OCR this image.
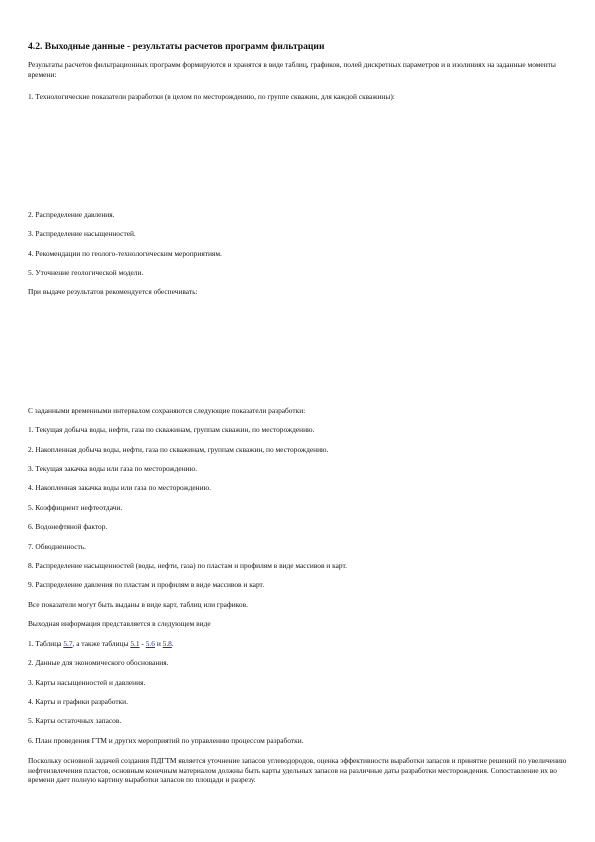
4.2. Выходные данные - результаты расчетов программ фильтрации
Результаты расчетов фильтрационных программ формируются и хранятся в виде таблиц, графиков, полей дискретных параметров и в изолиниях на заданные моменты времени:
1. Технологические показатели разработки (в целом по месторождению, по группе скважин, для каждой скважины):
2. Распределение давления.
3. Распределение насыщенностей.
4. Рекомендации по геолого-технологическим мероприятиям.
5. Уточнение геологической модели.
При выдаче результатов рекомендуется обеспечивать:
С заданными временными интервалом сохраняются следующие показатели разработки:
1. Текущая добыча воды, нефти, газа по скважинам, группам скважин, по месторождению.
2. Накопленная добыча воды, нефти, газа по скважинам, группам скважин, по месторождению.
3. Текущая закачка воды или газа по месторождению.
4. Накопленная закачка воды или газа по месторождению.
5. Коэффициент нефтеотдачи.
6. Водонефтяной фактор.
7. Обводненность.
8. Распределение насыщенностей (воды, нефти, газа) по пластам и профилям в виде массивов и карт.
9. Распределение давления по пластам и профилям в виде массивов и карт.
Все показатели могут быть выданы в виде карт, таблиц или графиков.
Выходная информация представляется в следующем виде
1. Таблица 5.7, а также таблицы 5.1 - 5.6 и 5.8.
2. Данные для экономического обоснования.
3. Карты насыщенностей и давления.
4. Карты и графики разработки.
5. Карты остаточных запасов.
6. План проведения ГТМ и других мероприятий по управлению процессом разработки.
Поскольку основной задачей создания ПДГТМ является уточнение запасов углеводородов, оценка эффективности выработки запасов и принятие решений по увеличению нефтеизвлечения пластов, основным конечным материалом должны быть карты удельных запасов на различные даты разработки месторождения. Сопоставление их во времени дает полную картину выработки запасов по площади и разрезу.
